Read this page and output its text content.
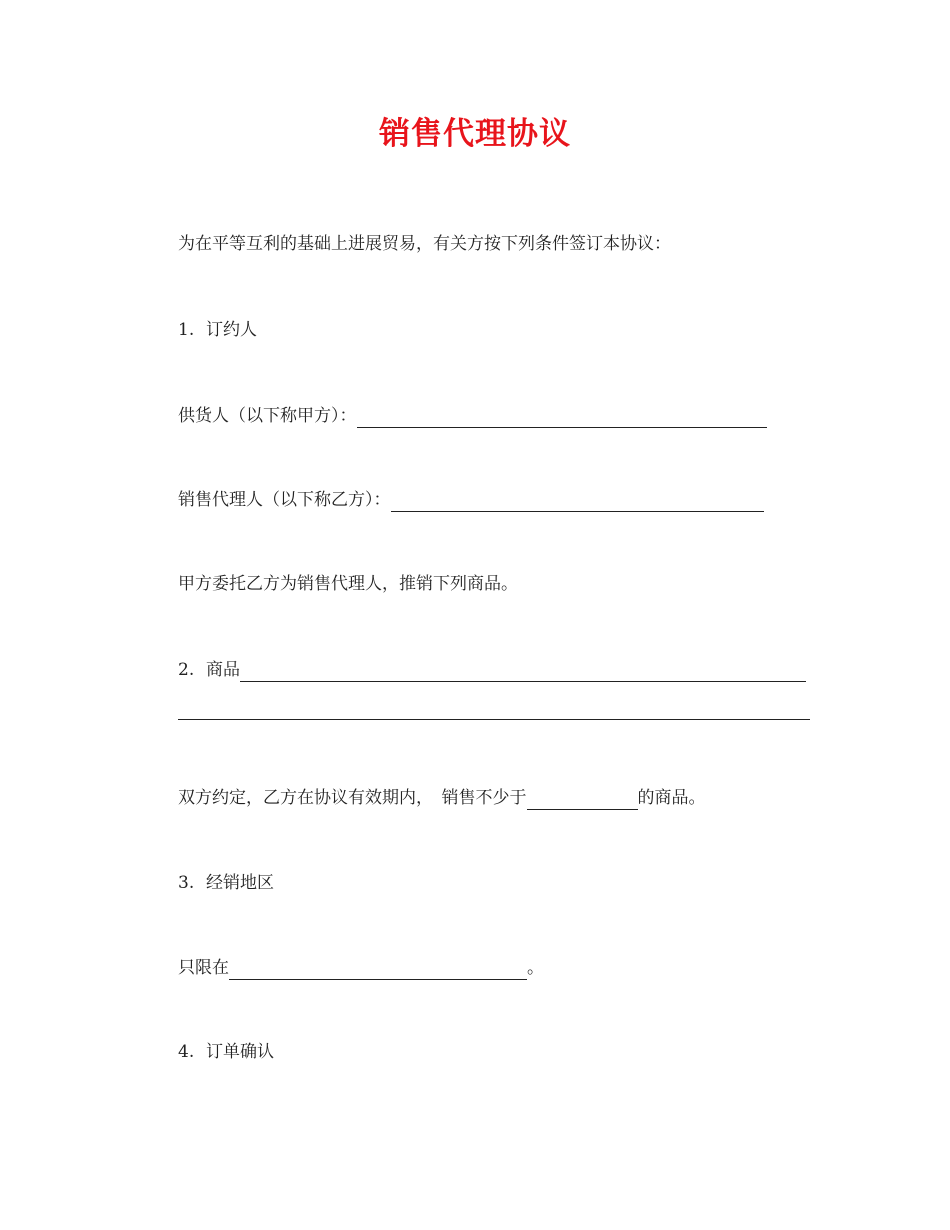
销售代理协议
为在平等互利的基础上进展贸易，有关方按下列条件签订本协议：
1. 订约人
供货人（以下称甲方）：
销售代理人（以下称乙方）：
甲方委托乙方为销售代理人，推销下列商品。
2. 商品
双方约定，乙方在协议有效期内，　销售不少于	的商品。
3. 经销地区
只限在	。
4. 订单确认
